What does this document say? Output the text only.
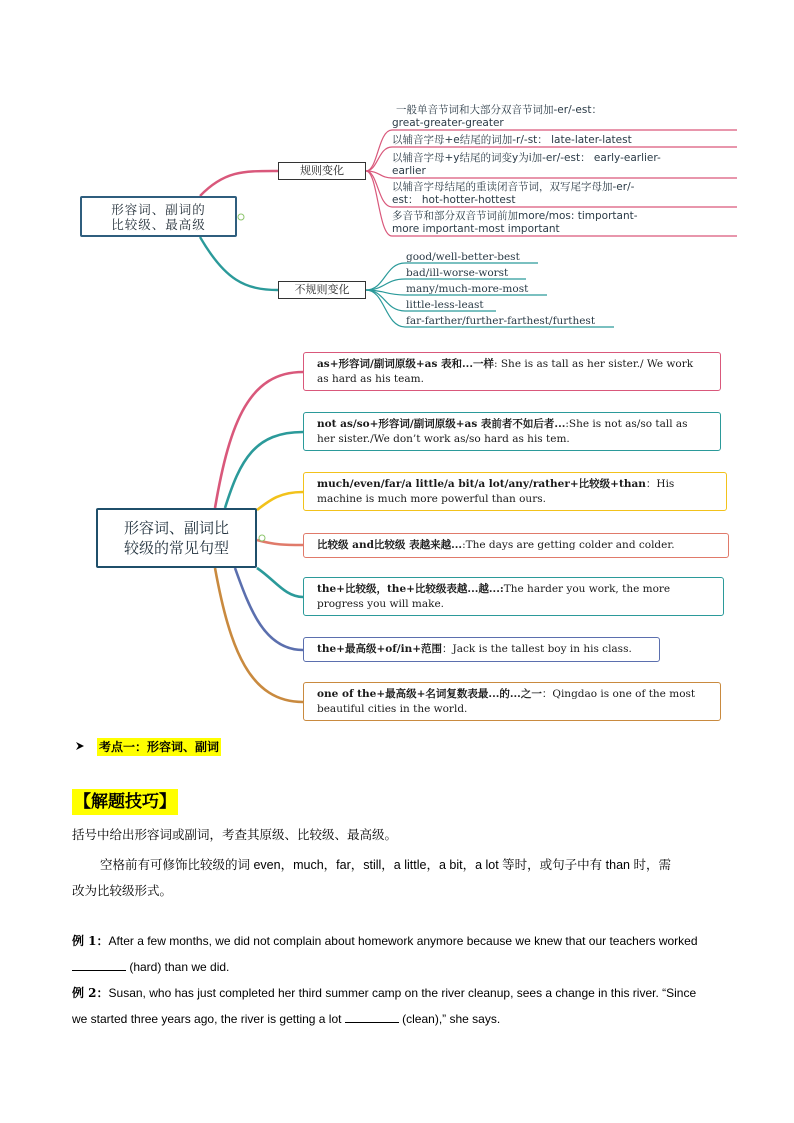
形容词、副词的
比较级、最高级
规则变化
不规则变化
一般单音节词和大部分双音节词加-er/-est：
great-greater-greater
以辅音字母+e结尾的词加-r/-st： late-later-latest
以辅音字母+y结尾的词变y为i加-er/-est： early-earlier-
earlier
以辅音字母结尾的重读闭音节词，双写尾字母加-er/-
est： hot-hotter-hottest
多音节和部分双音节词前加more/mos: timportant-
more important-most important
good/well-better-best
bad/ill-worse-worst
many/much-more-most
little-less-least
far-farther/further-farthest/furthest
形容词、副词比
较级的常见句型
as+形容词/副词原级+as 表和...一样: She is as tall as her sister./ We work as hard as his team.
not as/so+形容词/副词原级+as 表前者不如后者...:She is not as/so tall as her sister./We don’t work as/so hard as his tem.
much/even/far/a little/a bit/a lot/any/rather+比较级+than：His machine is much more powerful than ours.
比较级 and比较级 表越来越...:The days are getting colder and colder.
the+比较级，the+比较级表越...越...:The harder you work, the more progress you will make.
the+最高级+of/in+范围：Jack is the tallest boy in his class.
one of the+最高级+名词复数表最...的...之一：Qingdao is one of the most beautiful cities in the world.
考点一：形容词、副词
【解题技巧】
括号中给出形容词或副词，考查其原级、比较级、最高级。
空格前有可修饰比较级的词 even，much，far，still，a little，a bit，a lot 等时，或句子中有 than 时，需
改为比较级形式。
例 1：After a few months, we did not complain about homework anymore because we knew that our teachers worked
(hard) than we did.
例 2：Susan, who has just completed her third summer camp on the river cleanup, sees a change in this river. “Since
we started three years ago, the river is getting a lot	(clean),” she says.
